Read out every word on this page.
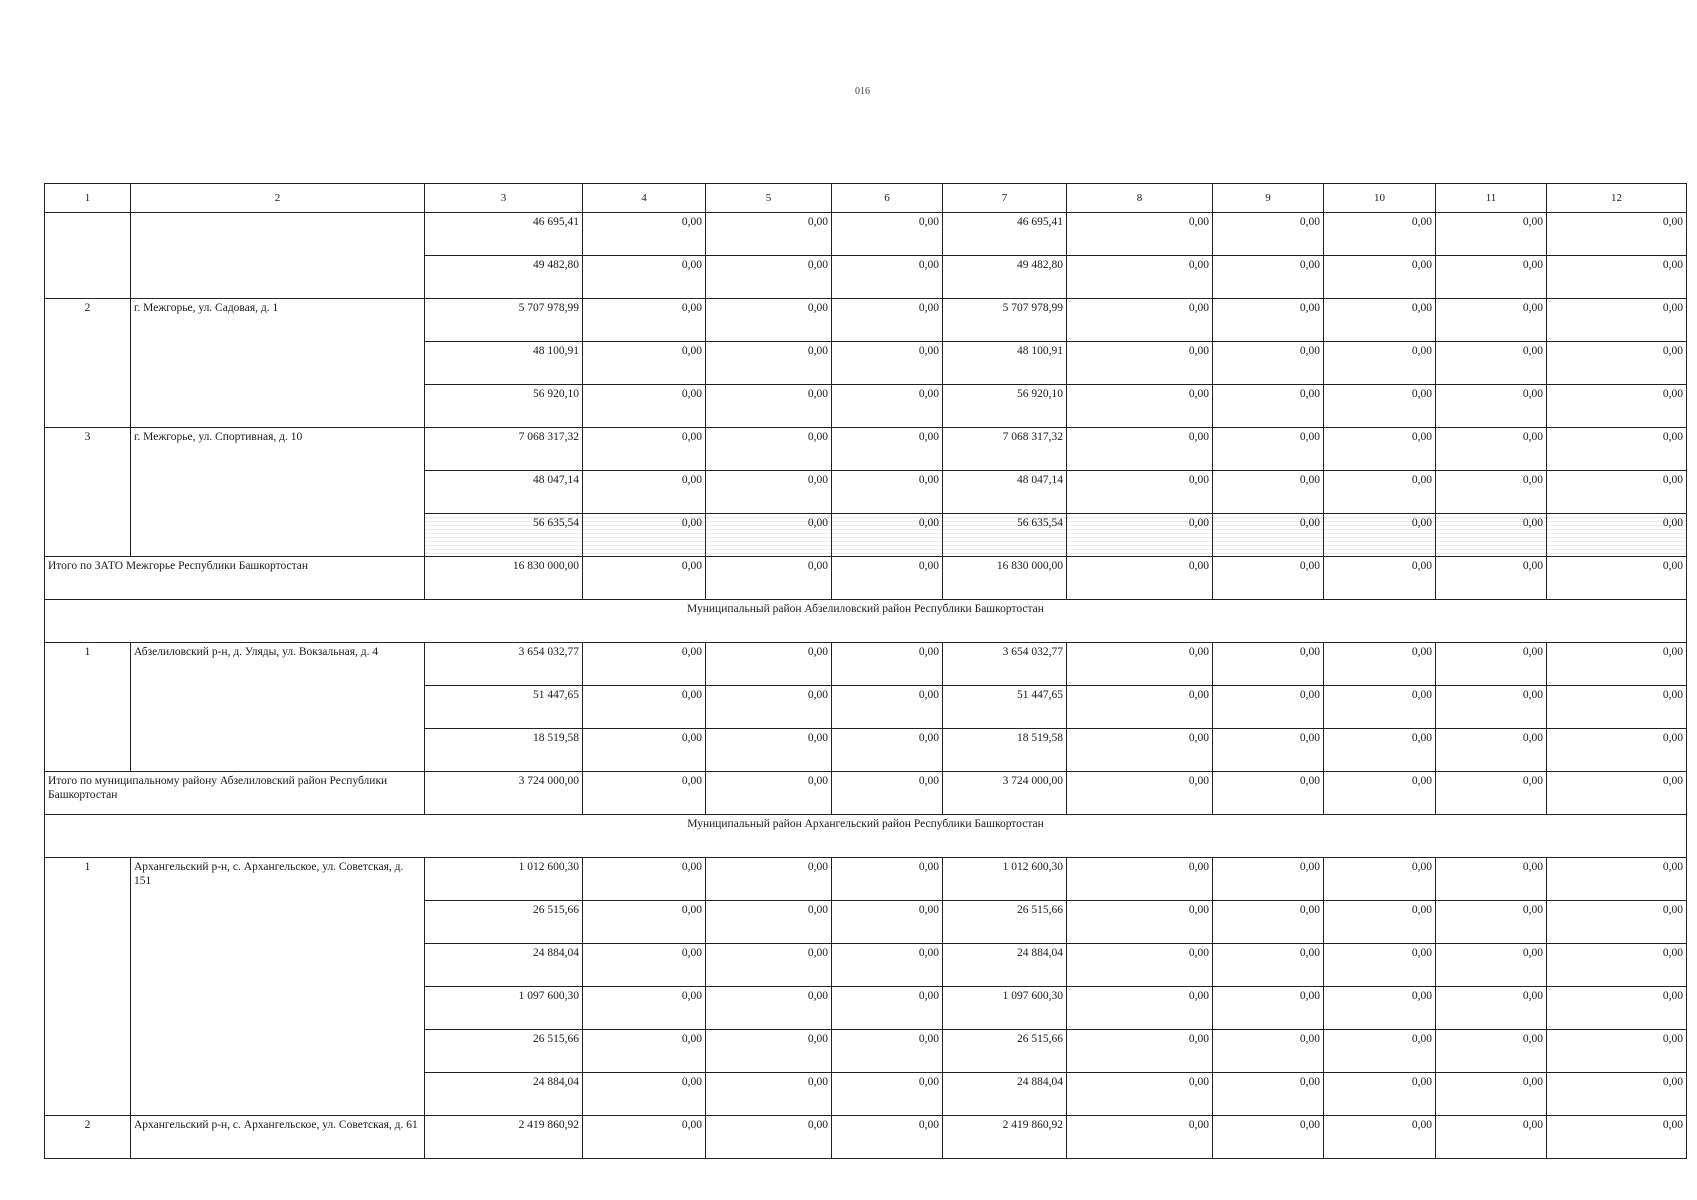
016
1	2	3	4	5	6	7	8	9	10	11	12
		46 695,41	0,00	0,00	0,00	46 695,41	0,00	0,00	0,00	0,00	0,00
		49 482,80	0,00	0,00	0,00	49 482,80	0,00	0,00	0,00	0,00	0,00
2	г. Межгорье, ул. Садовая, д. 1	5 707 978,99	0,00	0,00	0,00	5 707 978,99	0,00	0,00	0,00	0,00	0,00
		48 100,91	0,00	0,00	0,00	48 100,91	0,00	0,00	0,00	0,00	0,00
		56 920,10	0,00	0,00	0,00	56 920,10	0,00	0,00	0,00	0,00	0,00
3	г. Межгорье, ул. Спортивная, д. 10	7 068 317,32	0,00	0,00	0,00	7 068 317,32	0,00	0,00	0,00	0,00	0,00
		48 047,14	0,00	0,00	0,00	48 047,14	0,00	0,00	0,00	0,00	0,00
		56 635,54	0,00	0,00	0,00	56 635,54	0,00	0,00	0,00	0,00	0,00
Итого по ЗАТО Межгорье Республики Башкортостан		16 830 000,00	0,00	0,00	0,00	16 830 000,00	0,00	0,00	0,00	0,00	0,00
Муниципальный район Абзелиловский район Республики Башкортостан											
1	Абзелиловский р-н, д. Уляды, ул. Вокзальная, д. 4	3 654 032,77	0,00	0,00	0,00	3 654 032,77	0,00	0,00	0,00	0,00	0,00
		51 447,65	0,00	0,00	0,00	51 447,65	0,00	0,00	0,00	0,00	0,00
		18 519,58	0,00	0,00	0,00	18 519,58	0,00	0,00	0,00	0,00	0,00
Итого по муниципальному району Абзелиловский район Республики Башкортостан		3 724 000,00	0,00	0,00	0,00	3 724 000,00	0,00	0,00	0,00	0,00	0,00
Муниципальный район Архангельский район Республики Башкортостан											
1	Архангельский р-н, с. Архангельское, ул. Советская, д. 151	1 012 600,30	0,00	0,00	0,00	1 012 600,30	0,00	0,00	0,00	0,00	0,00
		26 515,66	0,00	0,00	0,00	26 515,66	0,00	0,00	0,00	0,00	0,00
		24 884,04	0,00	0,00	0,00	24 884,04	0,00	0,00	0,00	0,00	0,00
		1 097 600,30	0,00	0,00	0,00	1 097 600,30	0,00	0,00	0,00	0,00	0,00
		26 515,66	0,00	0,00	0,00	26 515,66	0,00	0,00	0,00	0,00	0,00
		24 884,04	0,00	0,00	0,00	24 884,04	0,00	0,00	0,00	0,00	0,00
2	Архангельский р-н, с. Архангельское, ул. Советская, д. 61	2 419 860,92	0,00	0,00	0,00	2 419 860,92	0,00	0,00	0,00	0,00	0,00
